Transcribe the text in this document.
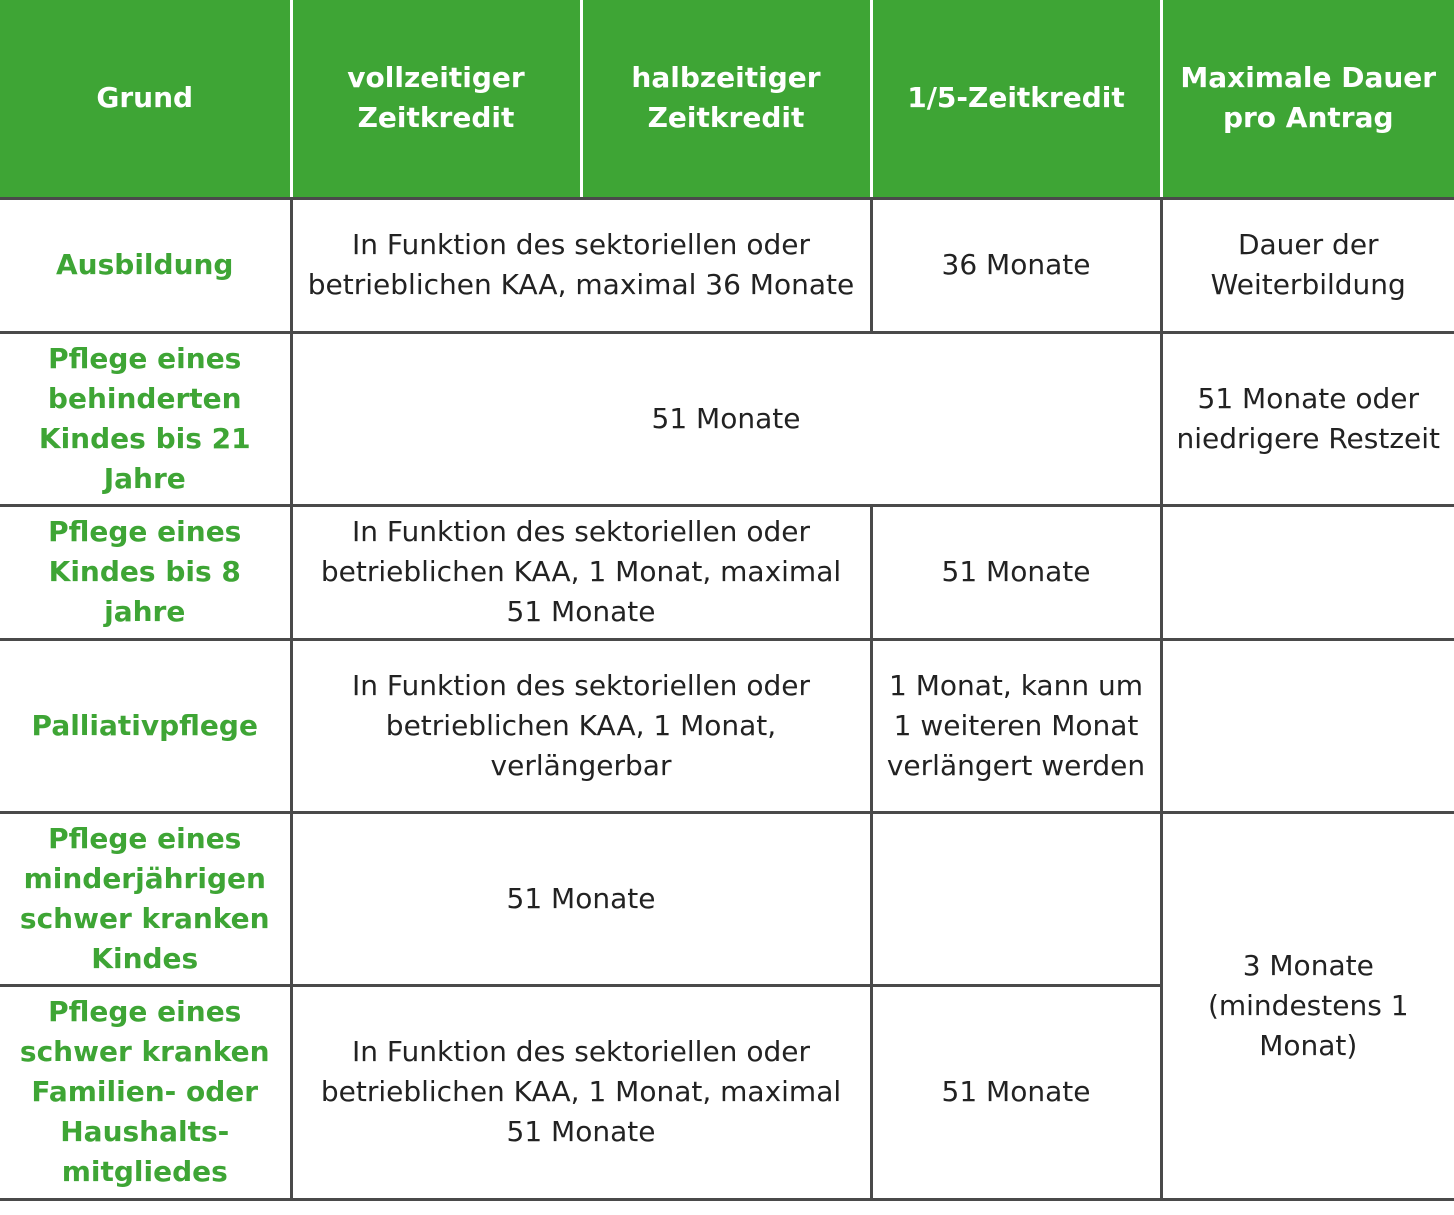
Grund	vollzeitiger Zeitkredit	halbzeitiger Zeitkredit	1/5-Zeitkredit	Maximale Dauer pro Antrag
Ausbildung	In Funktion des sektoriellen oder betrieblichen KAA, maximal 36 Monate		36 Monate	Dauer der Weiterbildung
Pflege eines behinderten Kindes bis 21 Jahre	51 Monate			51 Monate oder niedrigere Restzeit
Pflege eines Kindes bis 8 jahre	In Funktion des sektoriellen oder betrieblichen KAA, 1 Monat, maximal 51 Monate		51 Monate	
Palliativpflege	In Funktion des sektoriellen oder betrieblichen KAA, 1 Monat, verlängerbar		1 Monat, kann um 1 weiteren Monat verlängert werden	
Pflege eines minderjährigen schwer kranken Kindes	51 Monate			3 Monate (mindestens 1 Monat)
Pflege eines schwer kranken Familien- oder Haushalts-mitgliedes	In Funktion des sektoriellen oder betrieblichen KAA, 1 Monat, maximal 51 Monate		51 Monate	
